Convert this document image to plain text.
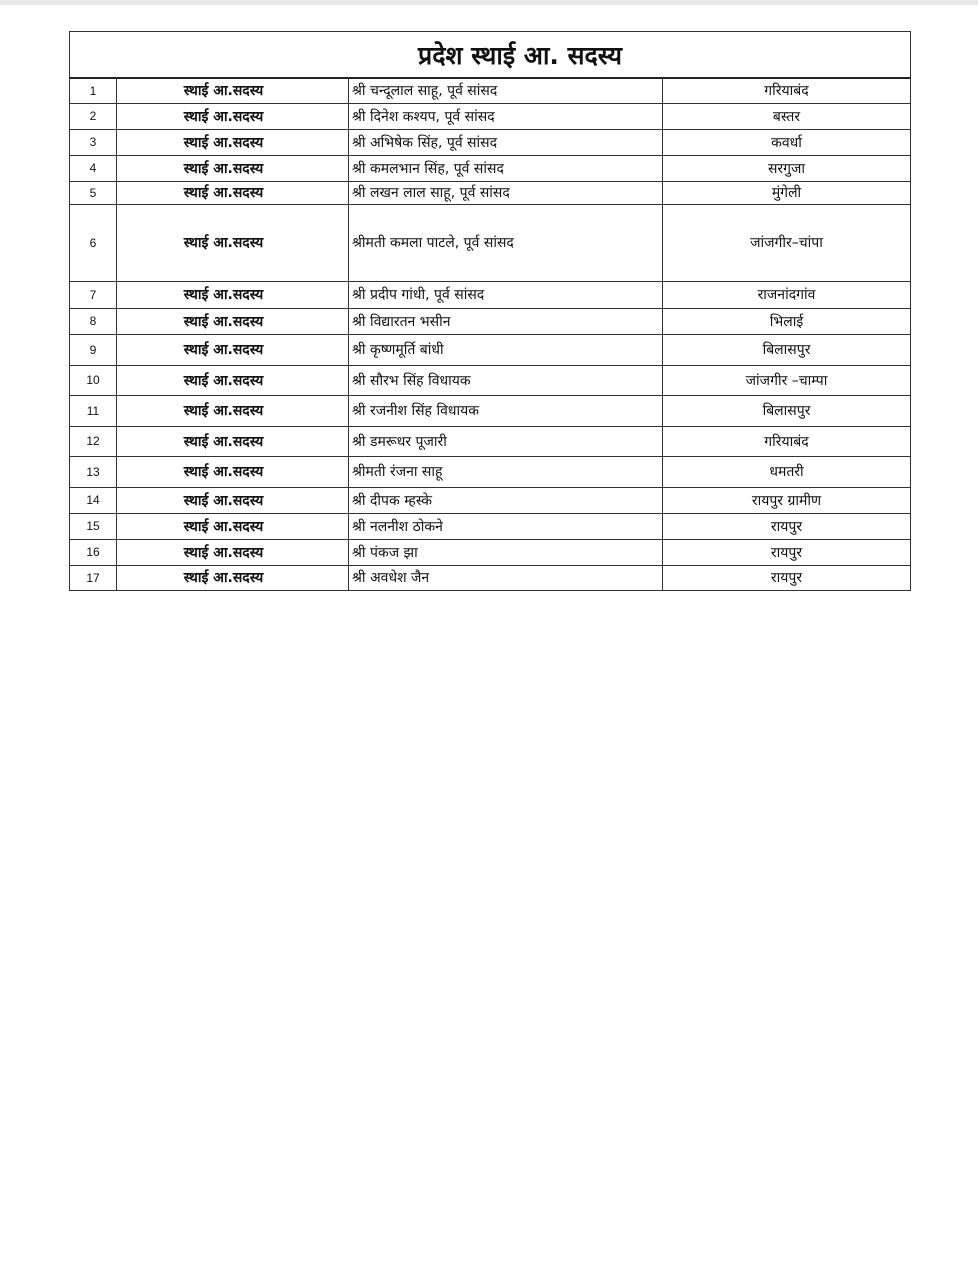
प्रदेश स्थाई आ. सदस्य			
1	स्थाई आ.सदस्य	श्री चन्दूलाल साहू, पूर्व सांसद	गरियाबंद
2	स्थाई आ.सदस्य	श्री दिनेश कश्यप, पूर्व सांसद	बस्तर
3	स्थाई आ.सदस्य	श्री अभिषेक सिंह, पूर्व सांसद	कवर्धा
4	स्थाई आ.सदस्य	श्री कमलभान सिंह, पूर्व सांसद	सरगुजा
5	स्थाई आ.सदस्य	श्री लखन लाल साहू, पूर्व सांसद	मुंगेली
6	स्थाई आ.सदस्य	श्रीमती कमला पाटले, पूर्व सांसद	जांजगीर–चांपा
7	स्थाई आ.सदस्य	श्री प्रदीप गांधी, पूर्व सांसद	राजनांदगांव
8	स्थाई आ.सदस्य	श्री विद्यारतन भसीन	भिलाई
9	स्थाई आ.सदस्य	श्री कृष्णमूर्ति बांधी	बिलासपुर
10	स्थाई आ.सदस्य	श्री सौरभ सिंह विधायक	जांजगीर –चाम्पा
11	स्थाई आ.सदस्य	श्री रजनीश सिंह विधायक	बिलासपुर
12	स्थाई आ.सदस्य	श्री डमरूधर पूजारी	गरियाबंद
13	स्थाई आ.सदस्य	श्रीमती रंजना साहू	धमतरी
14	स्थाई आ.सदस्य	श्री दीपक म्हस्के	रायपुर ग्रामीण
15	स्थाई आ.सदस्य	श्री नलनीश ठोकने	रायपुर
16	स्थाई आ.सदस्य	श्री पंकज झा	रायपुर
17	स्थाई आ.सदस्य	श्री अवधेश जैन	रायपुर
